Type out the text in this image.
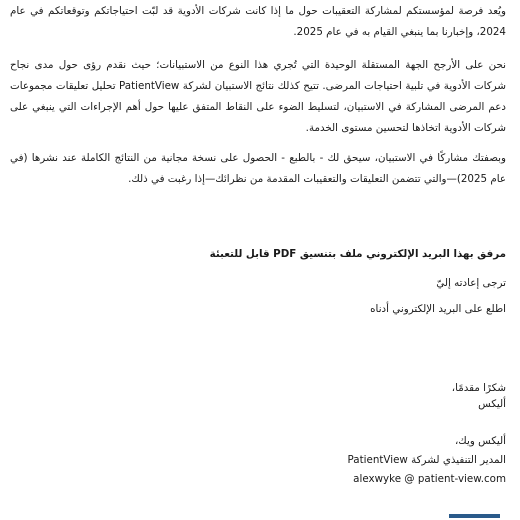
ويُعد فرصة لمؤسستكم لمشاركة التعقيبات حول ما إذا كانت شركات الأدوية قد لبّت احتياجاتكم وتوقعاتكم في عام 2024، وإخبارنا بما ينبغي القيام به في عام 2025.

نحن على الأرجح الجهة المستقلة الوحيدة التي تُجري هذا النوع من الاستبيانات؛ حيث نقدم رؤى حول مدى نجاح شركات الأدوية في تلبية احتياجات المرضى. تتيح كذلك نتائج الاستبيان لشركة PatientView تحليل تعليقات مجموعات دعم المرضى المشاركة في الاستبيان، لتسليط الضوء على النقاط المتفق عليها حول أهم الإجراءات التي ينبغي على شركات الأدوية اتخاذها لتحسين مستوى الخدمة.

وبصفتك مشاركًا في الاستبيان، سيحق لك - بالطبع - الحصول على نسخة مجانية من النتائج الكاملة عند نشرها (في عام 2025)—والتي تتضمن التعليقات والتعقيبات المقدمة من نظرائك—إذا رغبت في ذلك.

مرفق بهذا البريد الإلكتروني ملف بتنسيق PDF قابل للتعبئة

ترجى إعادته إليّ

اطلع على البريد الإلكتروني أدناه

شكرًا مقدمًا،

أليكس

أليكس ويك،

المدير التنفيذي لشركة PatientView

alexwyke @ patient-view.com
